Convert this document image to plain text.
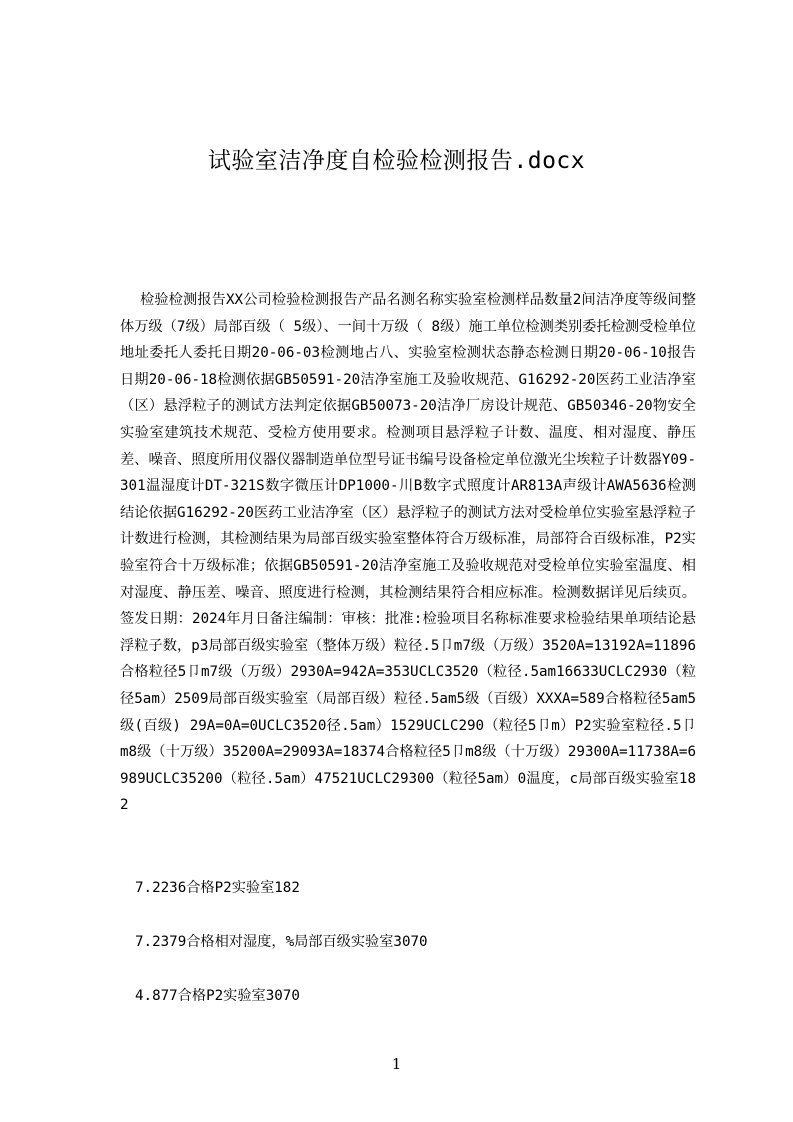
试验室洁净度自检验检测报告.docx
检验检测报告XX公司检验检测报告产品名测名称实验室检测样品数量2间洁净度等级间整体万级（7级）局部百级（ 5级）、一间十万级（ 8级）施工单位检测类别委托检测受检单位地址委托人委托日期20-06-03检测地占八、实验室检测状态静态检测日期20-06-10报告日期20-06-18检测依据GB50591-20洁净室施工及验收规范、G16292-20医药工业洁净室（区）悬浮粒子的测试方法判定依据GB50073-20洁净厂房设计规范、GB50346-20物安全实验室建筑技术规范、受检方使用要求。检测项目悬浮粒子计数、温度、相对湿度、静压差、噪音、照度所用仪器仪器制造单位型号证书编号设备检定单位激光尘埃粒子计数器Y09-301温湿度计DT-321S数字微压计DP1000-川B数字式照度计AR813A声级计AWA5636检测结论依据G16292-20医药工业洁净室（区）悬浮粒子的测试方法对受检单位实验室悬浮粒子计数进行检测，其检测结果为局部百级实验室整体符合万级标准，局部符合百级标准，P2实验室符合十万级标准；依据GB50591-20洁净室施工及验收规范对受检单位实验室温度、相对湿度、静压差、噪音、照度进行检测，其检测结果符合相应标准。检测数据详见后续页。签发日期：2024年月日备注编制：审核：批准:检验项目名称标准要求检验结果单项结论悬浮粒子数，p3局部百级实验室（整体万级）粒径.5卩m7级（万级）3520A=13192A=11896合格粒径5卩m7级（万级）2930A=942A=353UCLC3520（粒径.5am16633UCLC2930（粒径5am）2509局部百级实验室（局部百级）粒径.5am5级（百级）XXXA=589合格粒径5am5级(百级) 29A=0A=0UCLC3520径.5am）1529UCLC290（粒径5卩m）P2实验室粒径.5卩m8级（十万级）35200A=29093A=18374合格粒径5卩m8级（十万级）29300A=11738A=6989UCLC35200（粒径.5am）47521UCLC29300（粒径5am）0温度，c局部百级实验室182
7.2236合格P2实验室182
7.2379合格相对湿度，%局部百级实验室3070
4.877合格P2实验室3070
1
